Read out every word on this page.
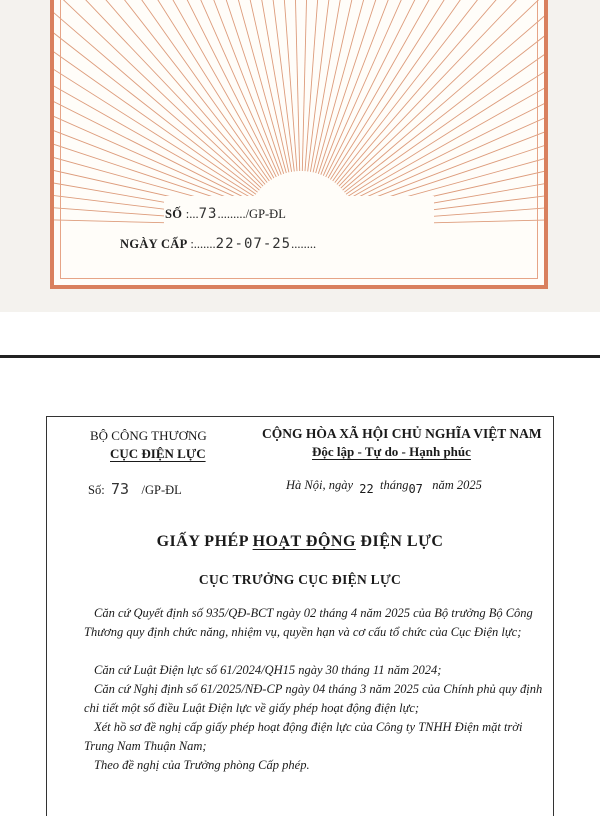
SỐ :...73........./GP-ĐL
NGÀY CẤP :.......22-07-25........
BỘ CÔNG THƯƠNG
CỤC ĐIỆN LỰC
CỘNG HÒA XÃ HỘI CHỦ NGHĨA VIỆT NAM
Độc lập - Tự do - Hạnh phúc
Số: 73 /GP-ĐL	Hà Nội, ngày 22 tháng07 năm 2025
GIẤY PHÉP HOẠT ĐỘNG ĐIỆN LỰC
CỤC TRƯỞNG CỤC ĐIỆN LỰC
Căn cứ Quyết định số 935/QĐ-BCT ngày 02 tháng 4 năm 2025 của Bộ trưởng Bộ Công Thương quy định chức năng, nhiệm vụ, quyền hạn và cơ cấu tổ chức của Cục Điện lực;
Căn cứ Luật Điện lực số 61/2024/QH15 ngày 30 tháng 11 năm 2024;
Căn cứ Nghị định số 61/2025/NĐ-CP ngày 04 tháng 3 năm 2025 của Chính phủ quy định chi tiết một số điều Luật Điện lực về giấy phép hoạt động điện lực;
Xét hồ sơ đề nghị cấp giấy phép hoạt động điện lực của Công ty TNHH Điện mặt trời Trung Nam Thuận Nam;
Theo đề nghị của Trưởng phòng Cấp phép.
